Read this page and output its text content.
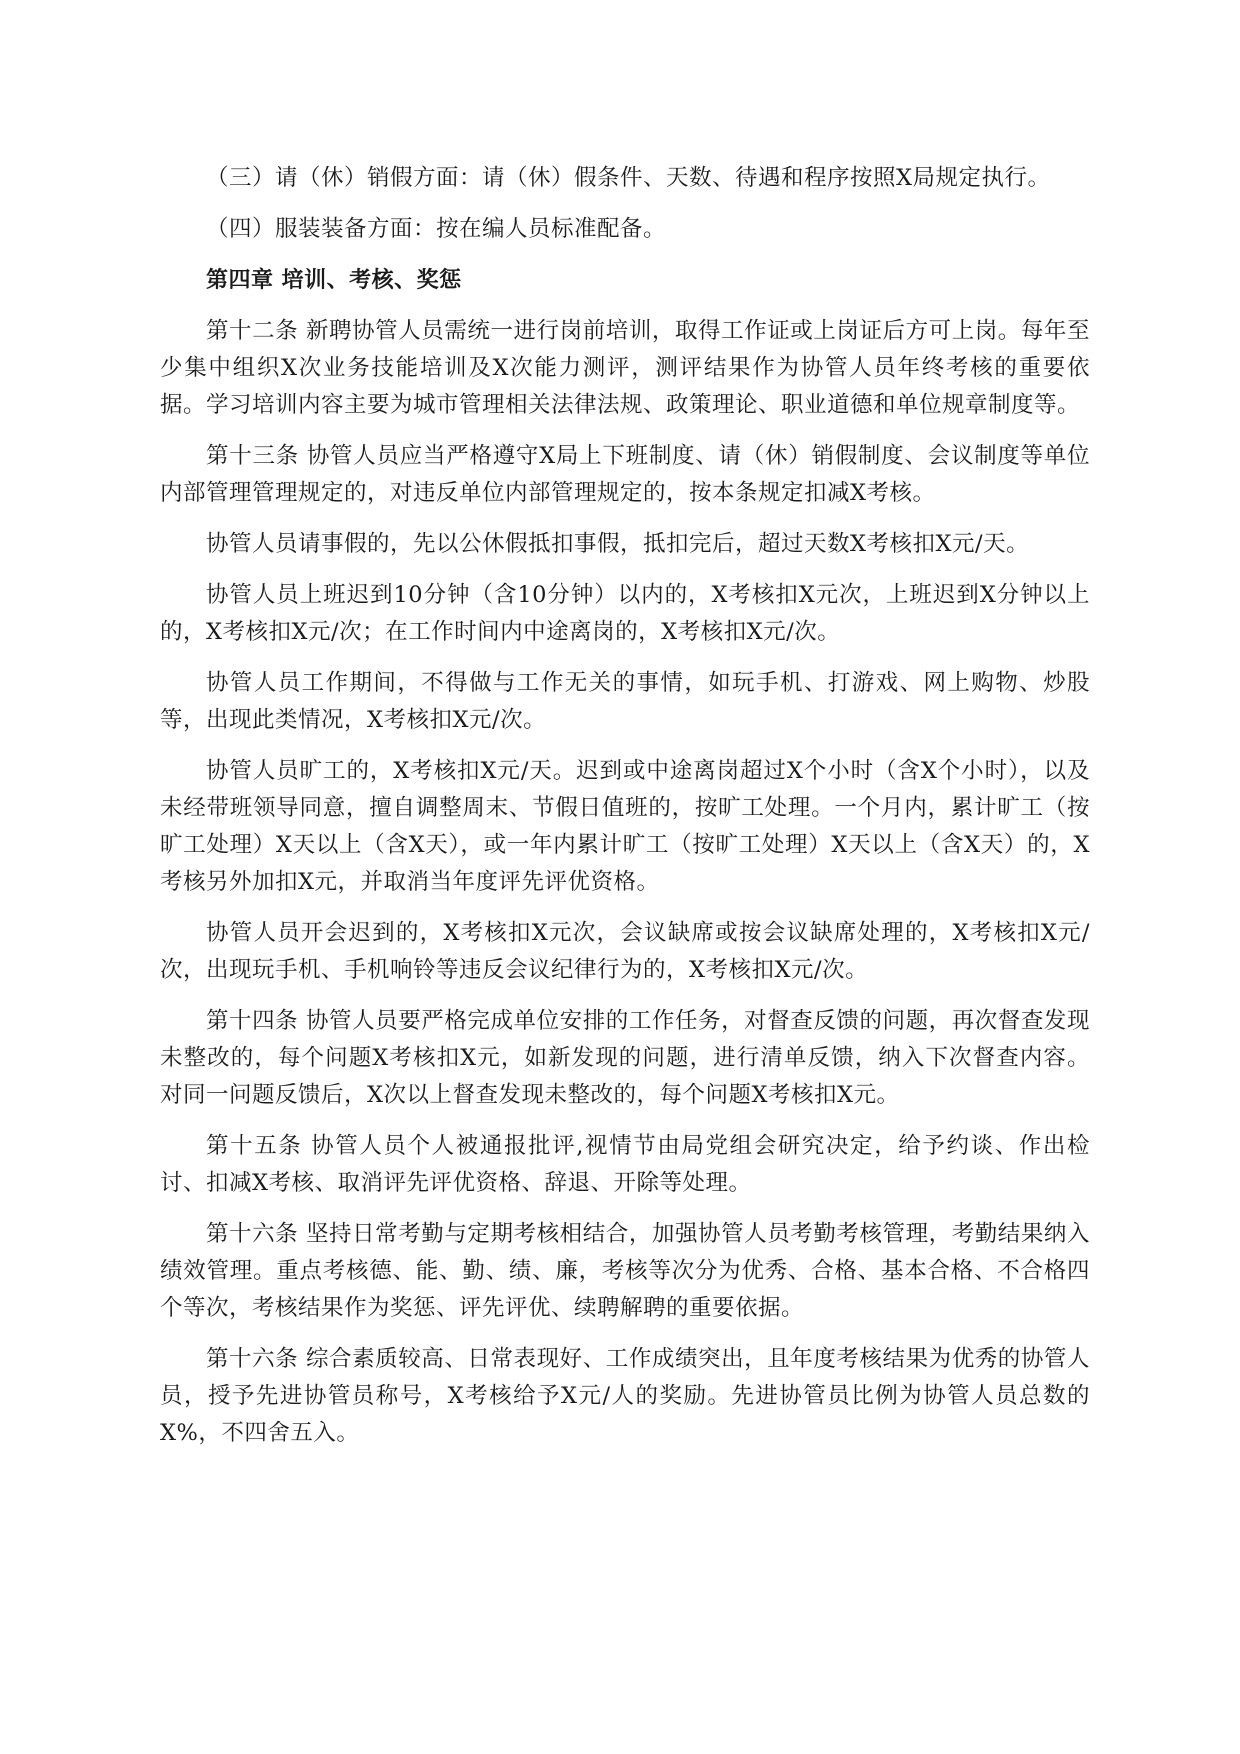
（三）请（休）销假方面：请（休）假条件、天数、待遇和程序按照X局规定执行。

（四）服装装备方面：按在编人员标准配备。

第四章 培训、考核、奖惩

第十二条 新聘协管人员需统一进行岗前培训，取得工作证或上岗证后方可上岗。每年至少集中组织X次业务技能培训及X次能力测评，测评结果作为协管人员年终考核的重要依据。学习培训内容主要为城市管理相关法律法规、政策理论、职业道德和单位规章制度等。

第十三条 协管人员应当严格遵守X局上下班制度、请（休）销假制度、会议制度等单位内部管理管理规定的，对违反单位内部管理规定的，按本条规定扣减X考核。

协管人员请事假的，先以公休假抵扣事假，抵扣完后，超过天数X考核扣X元/天。

协管人员上班迟到10分钟（含10分钟）以内的，X考核扣X元次，上班迟到X分钟以上的，X考核扣X元/次；在工作时间内中途离岗的，X考核扣X元/次。

协管人员工作期间，不得做与工作无关的事情，如玩手机、打游戏、网上购物、炒股等，出现此类情况，X考核扣X元/次。

协管人员旷工的，X考核扣X元/天。迟到或中途离岗超过X个小时（含X个小时），以及未经带班领导同意，擅自调整周末、节假日值班的，按旷工处理。一个月内，累计旷工（按旷工处理）X天以上（含X天），或一年内累计旷工（按旷工处理）X天以上（含X天）的，X考核另外加扣X元，并取消当年度评先评优资格。

协管人员开会迟到的，X考核扣X元次，会议缺席或按会议缺席处理的，X考核扣X元/次，出现玩手机、手机响铃等违反会议纪律行为的，X考核扣X元/次。

第十四条 协管人员要严格完成单位安排的工作任务，对督查反馈的问题，再次督查发现未整改的，每个问题X考核扣X元，如新发现的问题，进行清单反馈，纳入下次督查内容。对同一问题反馈后，X次以上督查发现未整改的，每个问题X考核扣X元。

第十五条 协管人员个人被通报批评,视情节由局党组会研究决定，给予约谈、作出检讨、扣减X考核、取消评先评优资格、辞退、开除等处理。

第十六条 坚持日常考勤与定期考核相结合，加强协管人员考勤考核管理，考勤结果纳入绩效管理。重点考核德、能、勤、绩、廉，考核等次分为优秀、合格、基本合格、不合格四个等次，考核结果作为奖惩、评先评优、续聘解聘的重要依据。

第十六条 综合素质较高、日常表现好、工作成绩突出，且年度考核结果为优秀的协管人员，授予先进协管员称号，X考核给予X元/人的奖励。先进协管员比例为协管人员总数的X%，不四舍五入。
